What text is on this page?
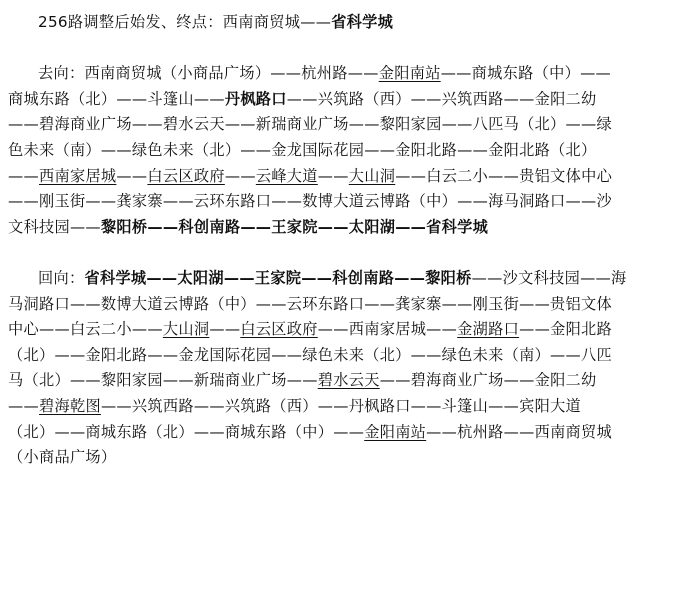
256路调整后始发、终点：西南商贸城——省科学城
去向：西南商贸城（小商品广场）——杭州路——金阳南站——商城东路（中）——
商城东路（北）——斗篷山——丹枫路口——兴筑路（西）——兴筑西路——金阳二幼
——碧海商业广场——碧水云天——新瑞商业广场——黎阳家园——八匹马（北）——绿
色未来（南）——绿色未来（北）——金龙国际花园——金阳北路——金阳北路（北）
——西南家居城——白云区政府——云峰大道——大山洞——白云二小——贵铝文体中心
——刚玉街——龚家寨——云环东路口——数博大道云博路（中）——海马洞路口——沙
文科技园——黎阳桥——科创南路——王家院——太阳湖——省科学城
回向：省科学城——太阳湖——王家院——科创南路——黎阳桥——沙文科技园——海
马洞路口——数博大道云博路（中）——云环东路口——龚家寨——刚玉街——贵铝文体
中心——白云二小——大山洞——白云区政府——西南家居城——金湖路口——金阳北路
（北）——金阳北路——金龙国际花园——绿色未来（北）——绿色未来（南）——八匹
马（北）——黎阳家园——新瑞商业广场——碧水云天——碧海商业广场——金阳二幼
——碧海乾图——兴筑西路——兴筑路（西）——丹枫路口——斗篷山——宾阳大道
（北）——商城东路（北）——商城东路（中）——金阳南站——杭州路——西南商贸城
（小商品广场）
